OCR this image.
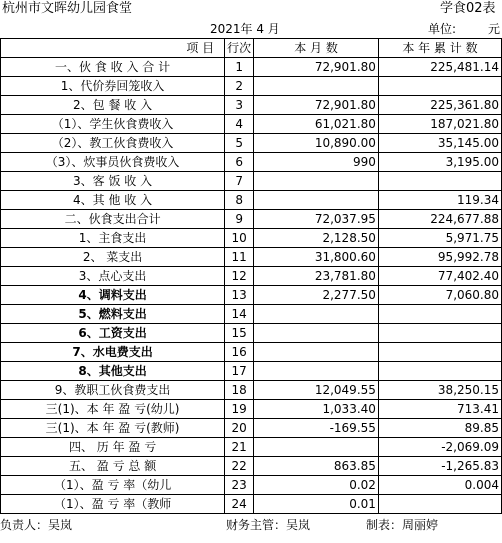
杭州市文晖幼儿园食堂	学食02表
2021年 4 月	单位:	元
项 目	行次	本 月 数	本 年 累 计 数
一、伙 食 收 入 合 计	1	72,901.80	225,481.14
1、代价券回笼收入	2		
2、包 餐 收 入	3	72,901.80	225,361.80
（1）、学生伙食费收入	4	61,021.80	187,021.80
（2）、教工伙食费收入	5	10,890.00	35,145.00
（3）、炊事员伙食费收入	6	990	3,195.00
3、客 饭 收 入	7		
4、其 他 收 入	8		119.34
二、伙食支出合计	9	72,037.95	224,677.88
1、主食支出	10	2,128.50	5,971.75
2、 菜支出	11	31,800.60	95,992.78
3、点心支出	12	23,781.80	77,402.40
4、调料支出	13	2,277.50	7,060.80
5、燃料支出	14		
6、工资支出	15		
7、水电费支出	16		
8、其他支出	17		
9、教职工伙食费支出	18	12,049.55	38,250.15
三(1)、本 年 盈 亏(幼儿)	19	1,033.40	713.41
三(1)、本 年 盈 亏(教师)	20	-169.55	89.85
四、 历 年 盈 亏	21		-2,069.09
五、 盈 亏 总 额	22	863.85	-1,265.83
（1）、盈 亏 率（幼儿	23	0.02	0.004
（1）、盈 亏 率（教师	24	0.01	
负责人：吴岚	财务主管：吴岚	制表：周丽婷
